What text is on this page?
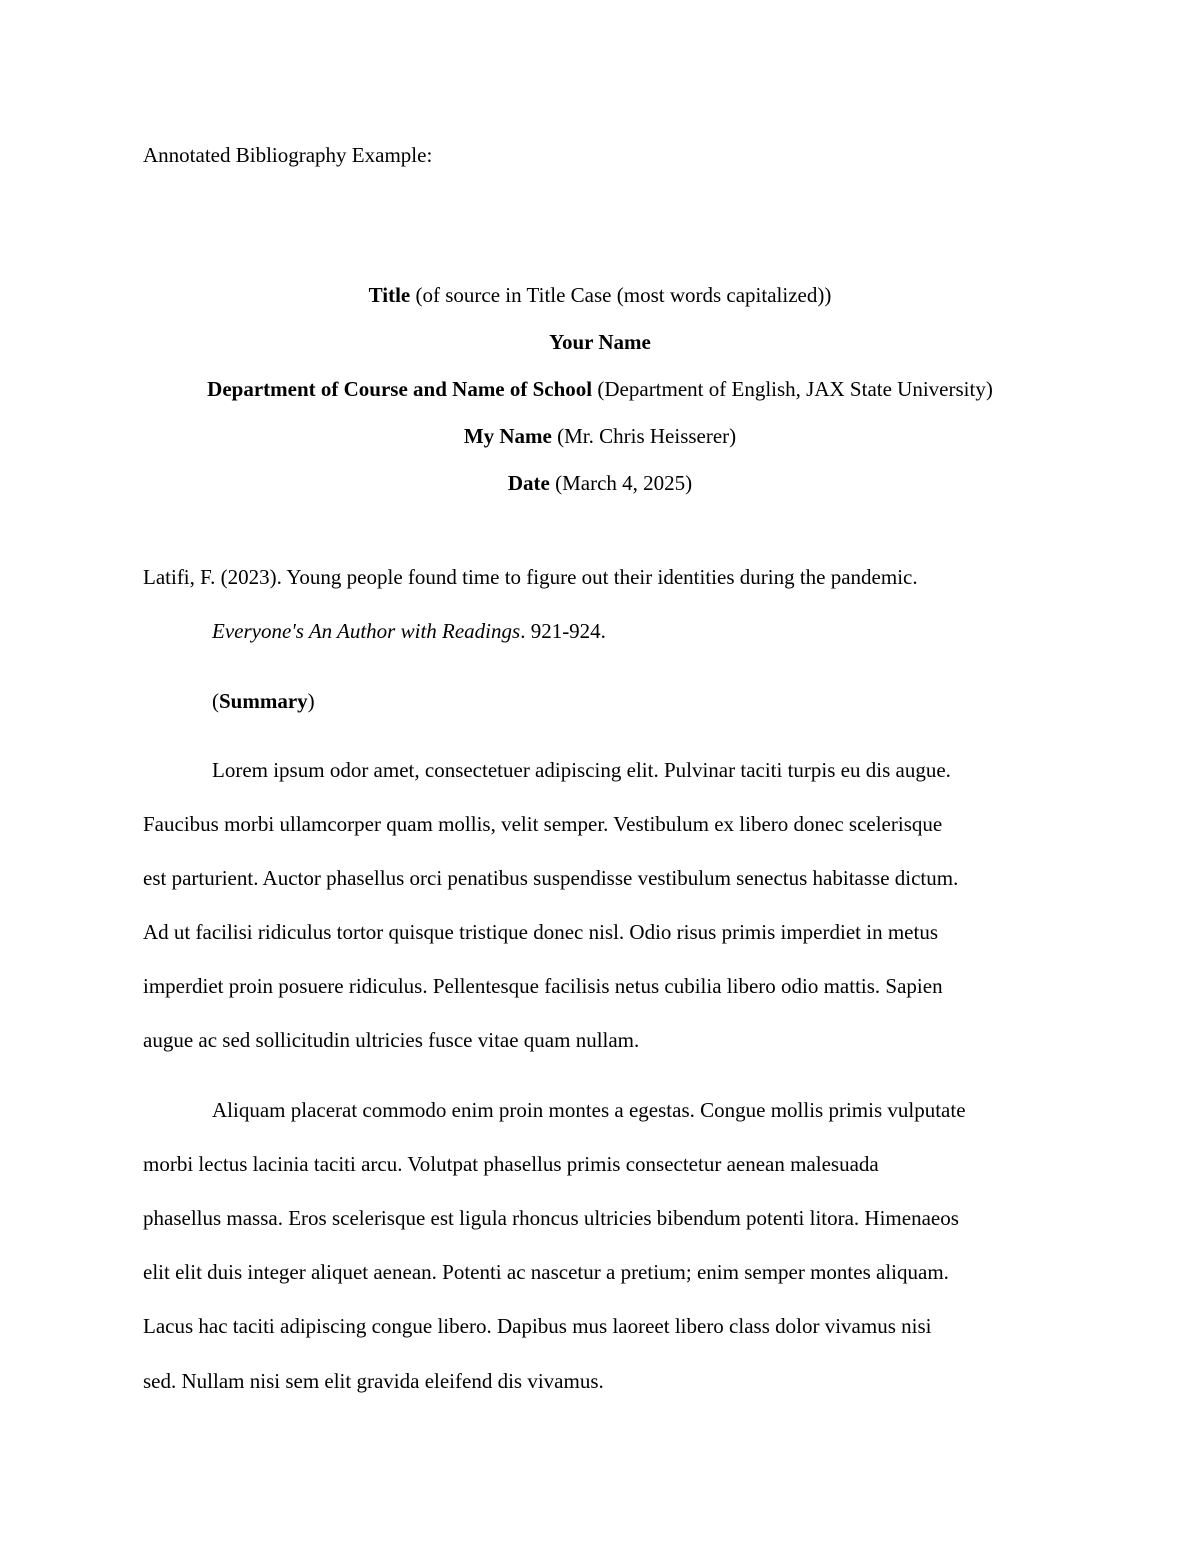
Annotated Bibliography Example:
Title (of source in Title Case (most words capitalized))
Your Name
Department of Course and Name of School (Department of English, JAX State University)
My Name (Mr. Chris Heisserer)
Date (March 4, 2025)
Latifi, F. (2023). Young people found time to figure out their identities during the pandemic.
Everyone's An Author with Readings. 921-924.
(Summary)
Lorem ipsum odor amet, consectetuer adipiscing elit. Pulvinar taciti turpis eu dis augue.
Faucibus morbi ullamcorper quam mollis, velit semper. Vestibulum ex libero donec scelerisque
est parturient. Auctor phasellus orci penatibus suspendisse vestibulum senectus habitasse dictum.
Ad ut facilisi ridiculus tortor quisque tristique donec nisl. Odio risus primis imperdiet in metus
imperdiet proin posuere ridiculus. Pellentesque facilisis netus cubilia libero odio mattis. Sapien
augue ac sed sollicitudin ultricies fusce vitae quam nullam.
Aliquam placerat commodo enim proin montes a egestas. Congue mollis primis vulputate
morbi lectus lacinia taciti arcu. Volutpat phasellus primis consectetur aenean malesuada
phasellus massa. Eros scelerisque est ligula rhoncus ultricies bibendum potenti litora. Himenaeos
elit elit duis integer aliquet aenean. Potenti ac nascetur a pretium; enim semper montes aliquam.
Lacus hac taciti adipiscing congue libero. Dapibus mus laoreet libero class dolor vivamus nisi
sed. Nullam nisi sem elit gravida eleifend dis vivamus.
